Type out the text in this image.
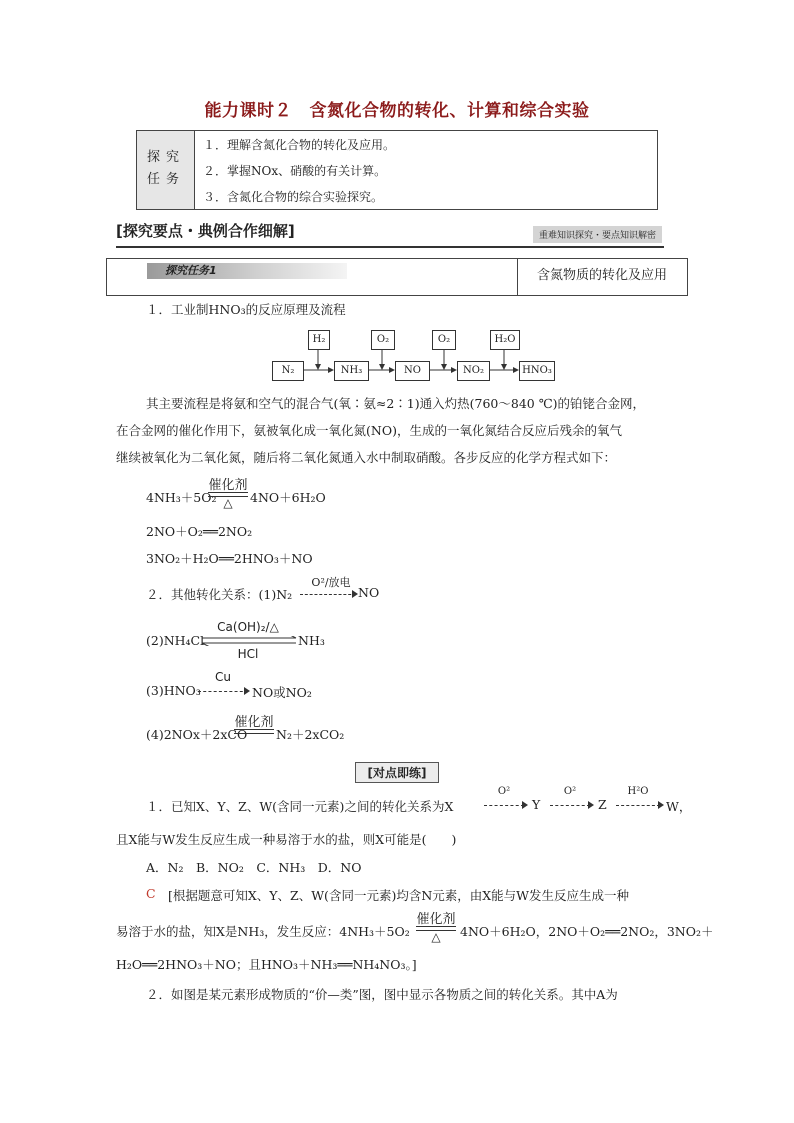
能力课时２　含氮化合物的转化、计算和综合实验
探究
任务
１．理解含氮化合物的转化及应用。
２．掌握NOx、硝酸的有关计算。
３．含氮化合物的综合实验探究。
[探究要点・典例合作细解]	重难知识探究・要点知识解密
探究任务1	含氮物质的转化及应用
１．工业制HNO₃的反应原理及流程
H₂	O₂	O₂	H₂O
N₂	NH₃	NO	NO₂	HNO₃
其主要流程是将氨和空气的混合气(氧∶氨≈2∶1)通入灼热(760～840 ℃)的铂铑合金网，
在合金网的催化作用下，氨被氧化成一氧化氮(NO)，生成的一氧化氮结合反应后残余的氧气
继续被氧化为二氧化氮，随后将二氧化氮通入水中制取硝酸。各步反应的化学方程式如下：
4NH₃＋5O₂
催化剂
△	4NO＋6H₂O
2NO＋O₂══2NO₂
3NO₂＋H₂O══2HNO₃＋NO
２．其他转化关系：(1)N₂
O²/放电
NO
(2)NH₄Cl
Ca(OH)₂/△
HCl
NH₃
(3)HNO₃
Cu
NO或NO₂
(4)2NOx＋2xCO
催化剂
N₂＋2xCO₂
[对点即练]
１．已知X、Y、Z、W(含同一元素)之间的转化关系为X
O²
Y
O²
Z
H²O
W，
且X能与W发生反应生成一种易溶于水的盐，则X可能是(　　)
A．N₂　B．NO₂　C．NH₃　D．NO
C [根据题意可知X、Y、Z、W(含同一元素)均含N元素，由X能与W发生反应生成一种
易溶于水的盐，知X是NH₃，发生反应：4NH₃＋5O₂
催化剂
△	4NO＋6H₂O，2NO＋O₂══2NO₂，3NO₂＋
H₂O══2HNO₃＋NO；且HNO₃＋NH₃══NH₄NO₃。]
２．如图是某元素形成物质的“价—类”图，图中显示各物质之间的转化关系。其中A为
